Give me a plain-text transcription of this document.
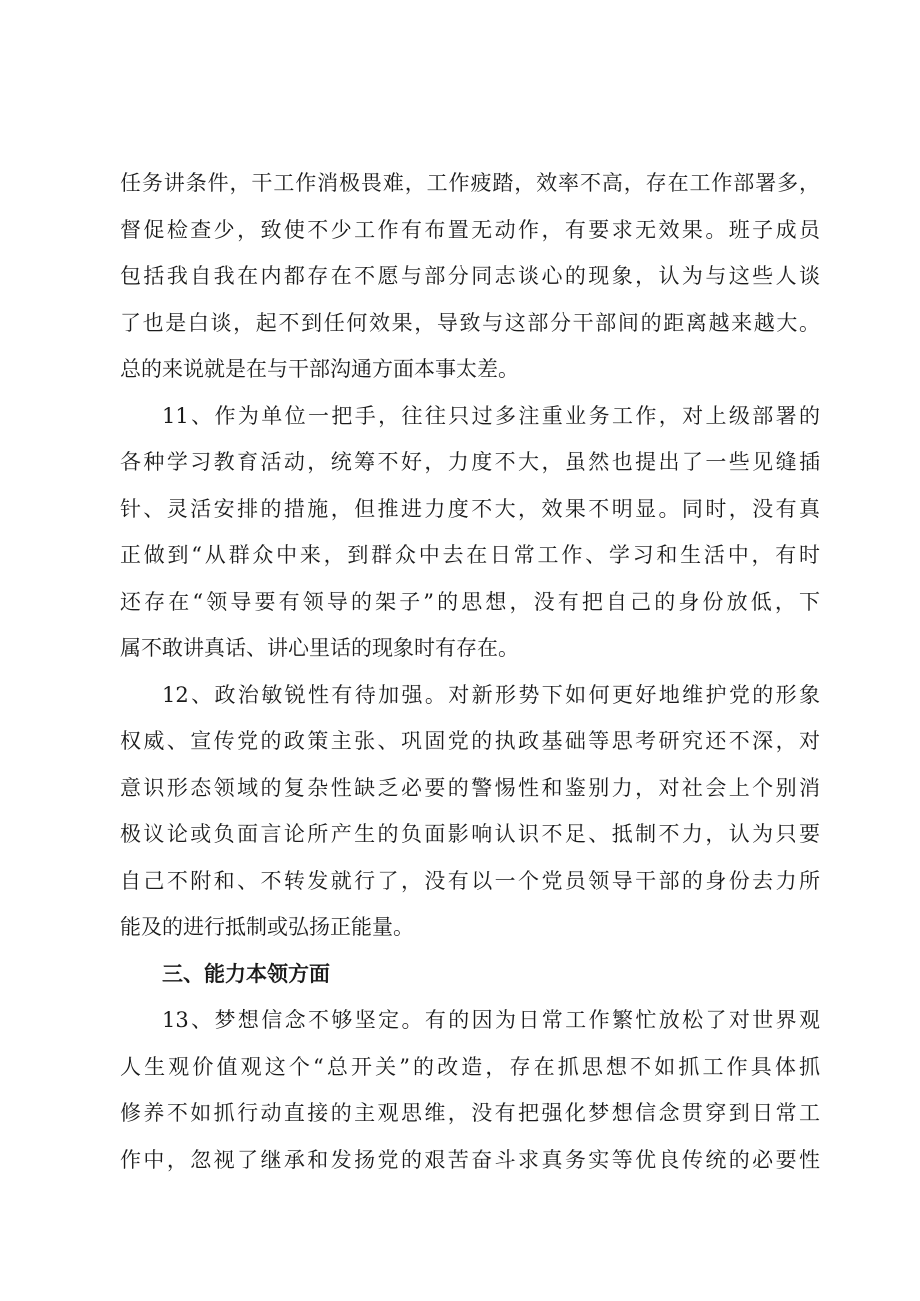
任务讲条件，干工作消极畏难，工作疲踏，效率不高，存在工作部署多，
督促检查少，致使不少工作有布置无动作，有要求无效果。班子成员
包括我自我在内都存在不愿与部分同志谈心的现象，认为与这些人谈
了也是白谈，起不到任何效果，导致与这部分干部间的距离越来越大。
总的来说就是在与干部沟通方面本事太差。
11、作为单位一把手，往往只过多注重业务工作，对上级部署的
各种学习教育活动，统筹不好，力度不大，虽然也提出了一些见缝插
针、灵活安排的措施，但推进力度不大，效果不明显。同时，没有真
正做到“从群众中来，到群众中去在日常工作、学习和生活中，有时
还存在“领导要有领导的架子”的思想，没有把自己的身份放低，下
属不敢讲真话、讲心里话的现象时有存在。
12、政治敏锐性有待加强。对新形势下如何更好地维护党的形象
权威、宣传党的政策主张、巩固党的执政基础等思考研究还不深，对
意识形态领域的复杂性缺乏必要的警惕性和鉴别力，对社会上个别消
极议论或负面言论所产生的负面影响认识不足、抵制不力，认为只要
自己不附和、不转发就行了，没有以一个党员领导干部的身份去力所
能及的进行抵制或弘扬正能量。
三、能力本领方面
13、梦想信念不够坚定。有的因为日常工作繁忙放松了对世界观
人生观价值观这个“总开关”的改造，存在抓思想不如抓工作具体抓
修养不如抓行动直接的主观思维，没有把强化梦想信念贯穿到日常工
作中，忽视了继承和发扬党的艰苦奋斗求真务实等优良传统的必要性
